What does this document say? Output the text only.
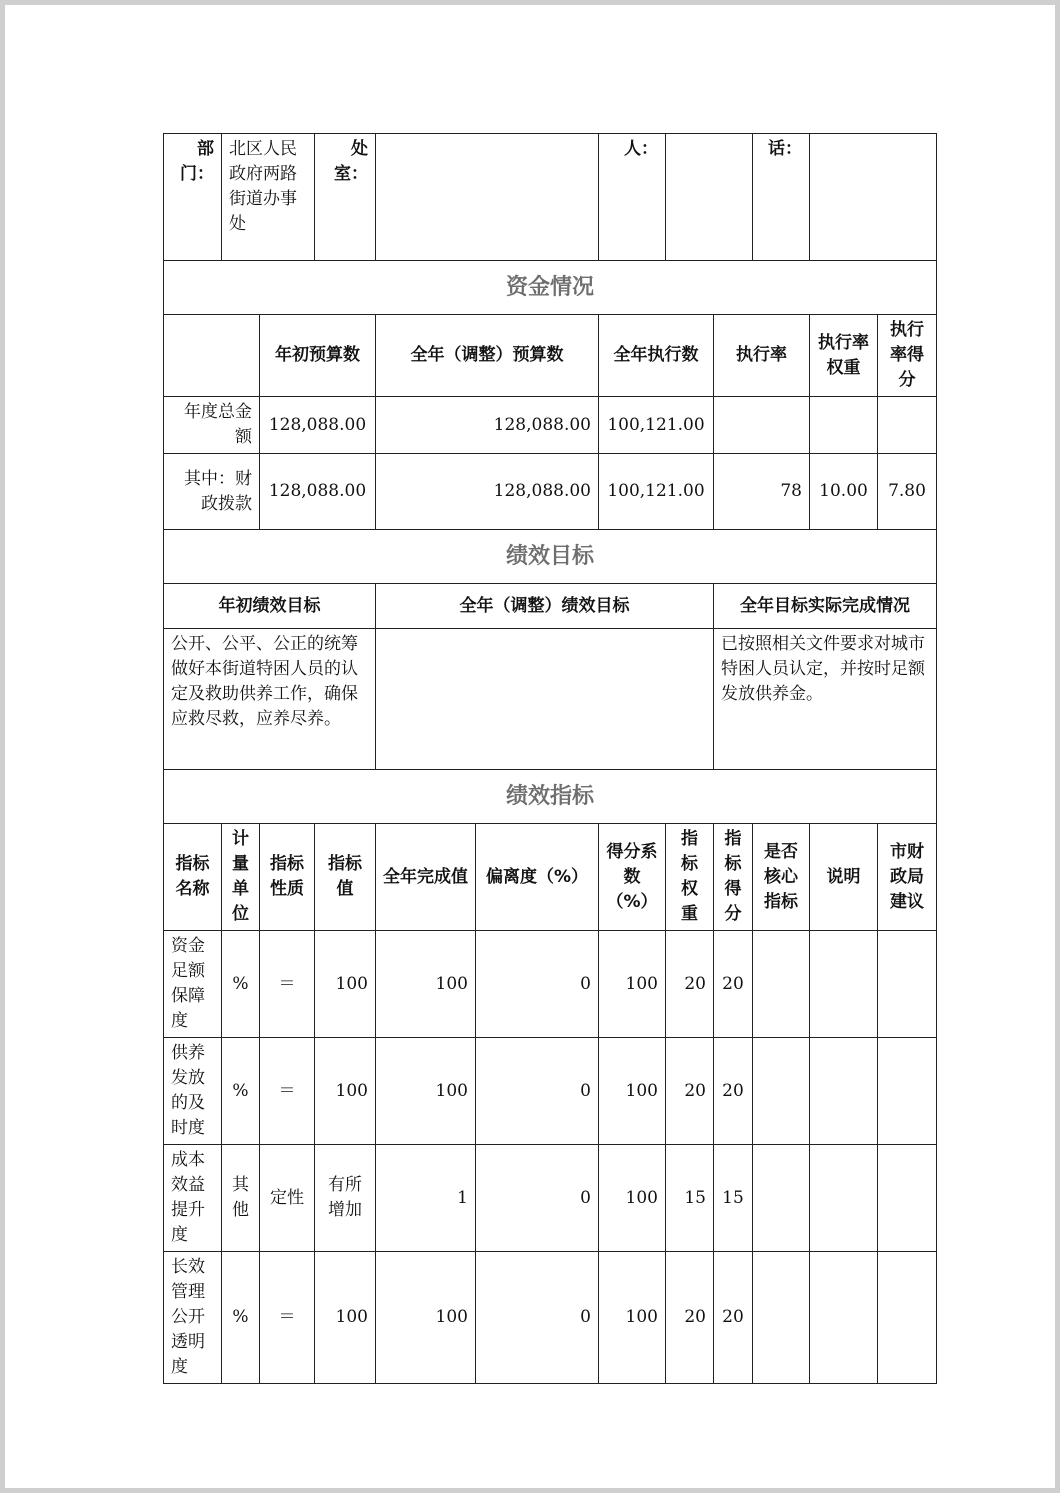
部门：	北区人民政府两路街道办事处		处室：			人：			话：		
资金情况											
		年初预算数		全年（调整）预算数		全年执行数		执行率		执行率权重	执行率得分
年度总金额		128,088.00		128,088.00		100,121.00					
其中：财政拨款		128,088.00		128,088.00		100,121.00		78		10.00	7.80
绩效目标											
年初绩效目标				全年（调整）绩效目标				全年目标实际完成情况			
公开、公平、公正的统筹做好本街道特困人员的认定及救助供养工作，确保应救尽救，应养尽养。								已按照相关文件要求对城市特困人员认定，并按时足额发放供养金。			
绩效指标											
指标名称	计量单位	指标性质	指标值	全年完成值	偏离度（%）	得分系数（%）	指标权重	指标得分	是否核心指标	说明	市财政局建议
资金足额保障度	%	＝	100	100	0	100	20	20			
供养发放的及时度	%	＝	100	100	0	100	20	20			
成本效益提升度	其他	定性	有所增加	1	0	100	15	15			
长效管理公开透明度	%	＝	100	100	0	100	20	20			
